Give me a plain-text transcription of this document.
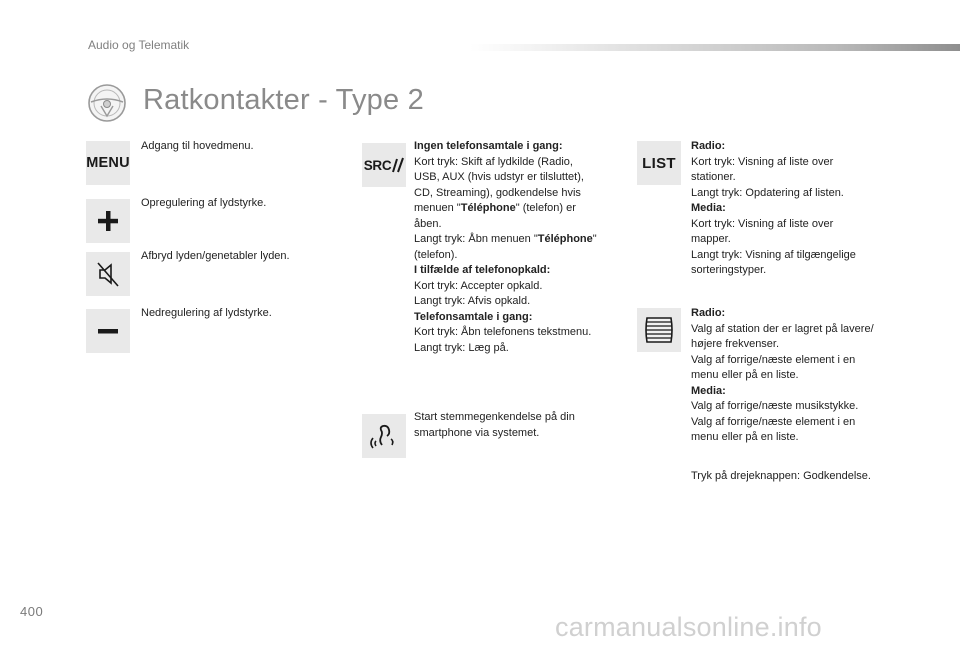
Audio og Telematik
Ratkontakter - Type 2
MENU
Adgang til hovedmenu.
Opregulering af lydstyrke.
Afbryd lyden/genetabler lyden.
Nedregulering af lydstyrke.
SRC
Ingen telefonsamtale i gang:
Kort tryk: Skift af lydkilde (Radio,
USB, AUX (hvis udstyr er tilsluttet),
CD, Streaming), godkendelse hvis
menuen "Téléphone" (telefon) er
åben.
Langt tryk: Åbn menuen "Téléphone"
(telefon).
I tilfælde af telefonopkald:
Kort tryk: Accepter opkald.
Langt tryk: Afvis opkald.
Telefonsamtale i gang:
Kort tryk: Åbn telefonens tekstmenu.
Langt tryk: Læg på.
Start stemmegenkendelse på din
smartphone via systemet.
LIST
Radio:
Kort tryk: Visning af liste over
stationer.
Langt tryk: Opdatering af listen.
Media:
Kort tryk: Visning af liste over
mapper.
Langt tryk: Visning af tilgængelige
sorteringstyper.
Radio:
Valg af station der er lagret på lavere/
højere frekvenser.
Valg af forrige/næste element i en
menu eller på en liste.
Media:
Valg af forrige/næste musikstykke.
Valg af forrige/næste element i en
menu eller på en liste.
Tryk på drejeknappen: Godkendelse.
400
carmanualsonline.info
